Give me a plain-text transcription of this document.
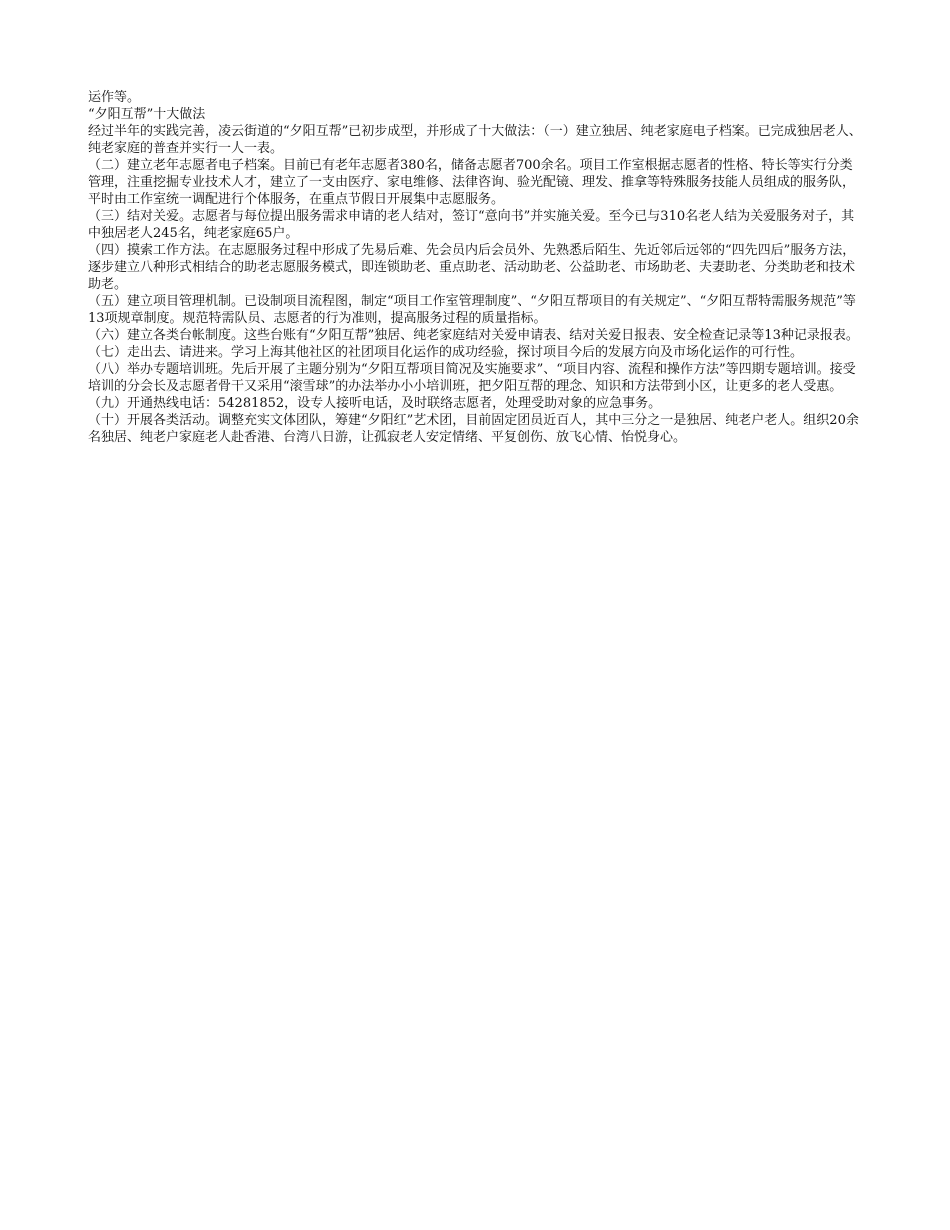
运作等。

“夕阳互帮”十大做法

经过半年的实践完善，凌云街道的“夕阳互帮”已初步成型，并形成了十大做法：（一）建立独居、纯老家庭电子档案。已完成独居老人、纯老家庭的普查并实行一人一表。

（二）建立老年志愿者电子档案。目前已有老年志愿者380名，储备志愿者700余名。项目工作室根据志愿者的性格、特长等实行分类管理，注重挖掘专业技术人才，建立了一支由医疗、家电维修、法律咨询、验光配镜、理发、推拿等特殊服务技能人员组成的服务队，平时由工作室统一调配进行个体服务，在重点节假日开展集中志愿服务。

（三）结对关爱。志愿者与每位提出服务需求申请的老人结对，签订“意向书”并实施关爱。至今已与310名老人结为关爱服务对子，其中独居老人245名，纯老家庭65户。

（四）摸索工作方法。在志愿服务过程中形成了先易后难、先会员内后会员外、先熟悉后陌生、先近邻后远邻的“四先四后”服务方法，逐步建立八种形式相结合的助老志愿服务模式，即连锁助老、重点助老、活动助老、公益助老、市场助老、夫妻助老、分类助老和技术助老。

（五）建立项目管理机制。已设制项目流程图，制定“项目工作室管理制度”、“夕阳互帮项目的有关规定”、“夕阳互帮特需服务规范”等13项规章制度。规范特需队员、志愿者的行为准则，提高服务过程的质量指标。

（六）建立各类台帐制度。这些台账有“夕阳互帮”独居、纯老家庭结对关爱申请表、结对关爱日报表、安全检查记录等13种记录报表。

（七）走出去、请进来。学习上海其他社区的社团项目化运作的成功经验，探讨项目今后的发展方向及市场化运作的可行性。

（八）举办专题培训班。先后开展了主题分别为“夕阳互帮项目简况及实施要求”、“项目内容、流程和操作方法”等四期专题培训。接受培训的分会长及志愿者骨干又采用“滚雪球”的办法举办小小培训班，把夕阳互帮的理念、知识和方法带到小区，让更多的老人受惠。

（九）开通热线电话：54281852，设专人接听电话，及时联络志愿者，处理受助对象的应急事务。

（十）开展各类活动。调整充实文体团队，筹建“夕阳红”艺术团，目前固定团员近百人，其中三分之一是独居、纯老户老人。组织20余名独居、纯老户家庭老人赴香港、台湾八日游，让孤寂老人安定情绪、平复创伤、放飞心情、怡悦身心。
